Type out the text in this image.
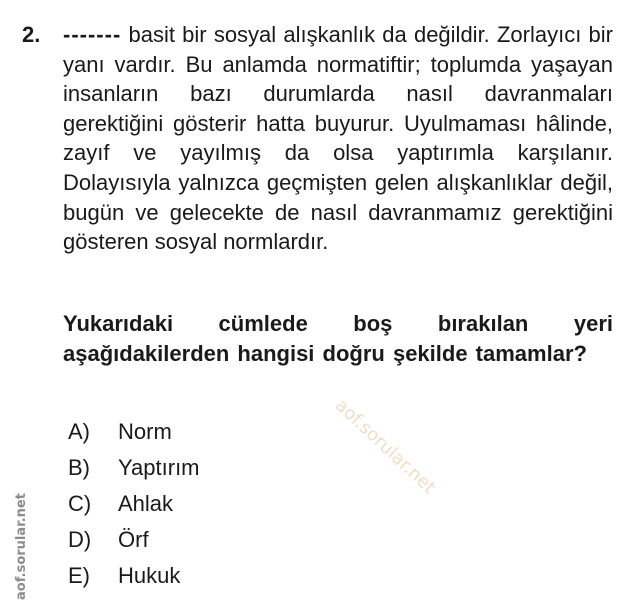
2. ------- basit bir sosyal alışkanlık da değildir. Zorlayıcı bir yanı vardır. Bu anlamda normatiftir; toplumda yaşayan insanların bazı durumlarda nasıl davranmaları gerektiğini gösterir hatta buyurur. Uyulmaması hâlinde, zayıf ve yayılmış da olsa yaptırımla karşılanır. Dolayısıyla yalnızca geçmişten gelen alışkanlıklar değil, bugün ve gelecekte de nasıl davranmamız gerektiğini gösteren sosyal normlardır.

Yukarıdaki cümlede boş bırakılan yeri aşağıdakilerden hangisi doğru şekilde tamamlar?

A)	Norm
B)	Yaptırım
C)	Ahlak
D)	Örf
E)	Hukuk
aof.sorular.net
aof.sorular.net
